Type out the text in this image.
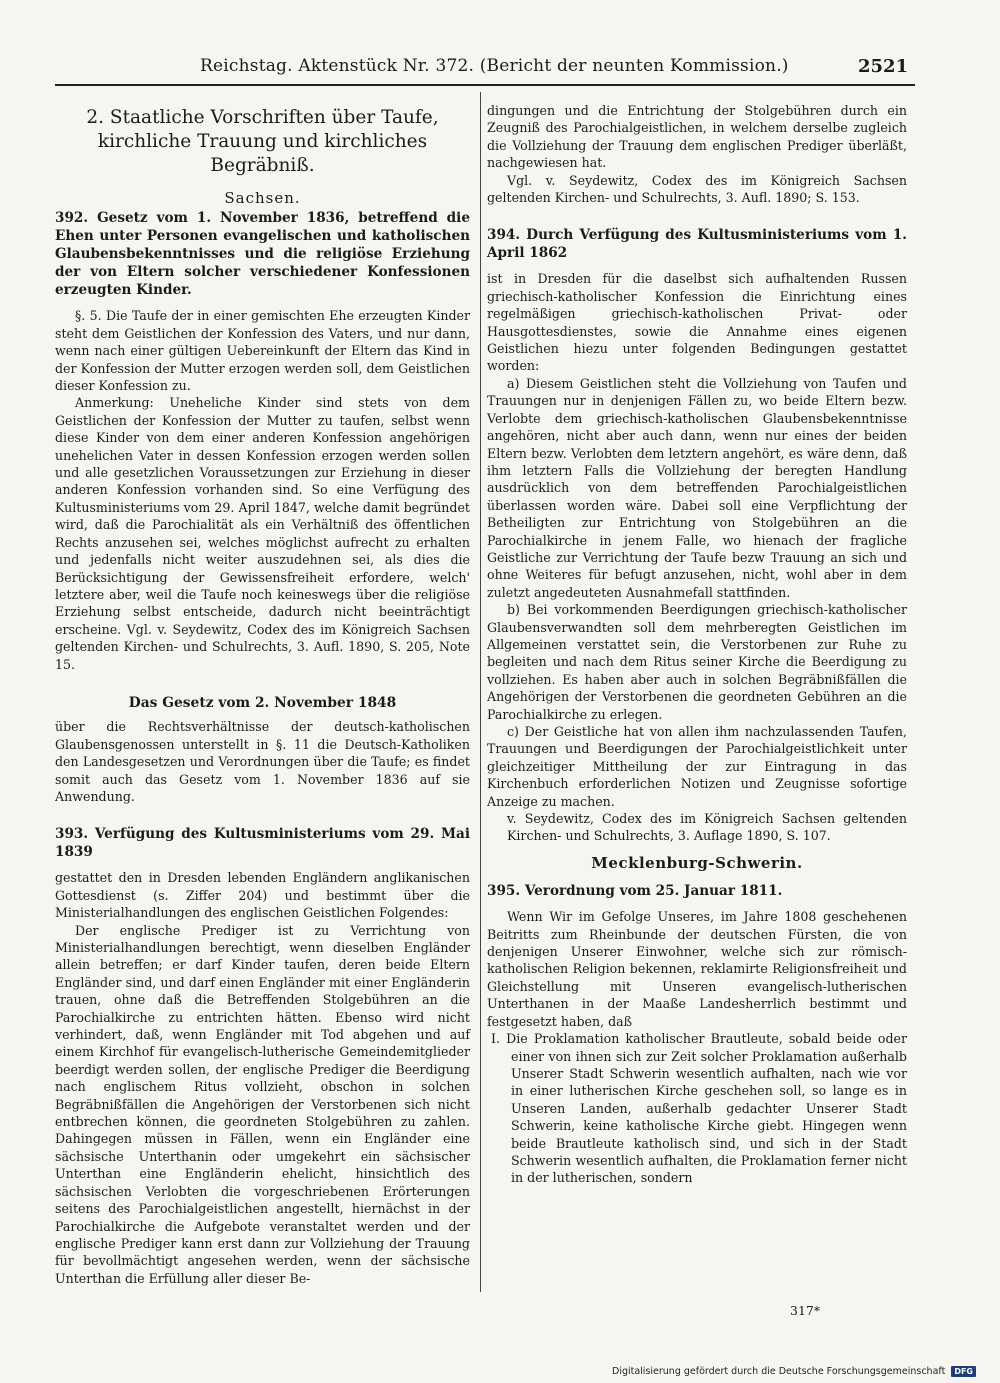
Reichstag. Aktenstück Nr. 372. (Bericht der neunten Kommission.)	2521

2. Staatliche Vorschriften über Taufe, kirchliche Trauung und kirchliches Begräbniß.

Sachsen.

392. Gesetz vom 1. November 1836, betreffend die Ehen unter Personen evangelischen und katholischen Glaubensbekenntnisses und die religiöse Erziehung der von Eltern solcher verschiedener Konfessionen erzeugten Kinder.

§. 5. Die Taufe der in einer gemischten Ehe erzeugten Kinder steht dem Geistlichen der Konfession des Vaters, und nur dann, wenn nach einer gültigen Uebereinkunft der Eltern das Kind in der Konfession der Mutter erzogen werden soll, dem Geistlichen dieser Konfession zu.

Anmerkung: Uneheliche Kinder sind stets von dem Geistlichen der Konfession der Mutter zu taufen, selbst wenn diese Kinder von dem einer anderen Konfession angehörigen unehelichen Vater in dessen Konfession erzogen werden sollen und alle gesetzlichen Voraussetzungen zur Erziehung in dieser anderen Konfession vorhanden sind. So eine Verfügung des Kultusministeriums vom 29. April 1847, welche damit begründet wird, daß die Parochialität als ein Verhältniß des öffentlichen Rechts anzusehen sei, welches möglichst aufrecht zu erhalten und jedenfalls nicht weiter auszudehnen sei, als dies die Berücksichtigung der Gewissensfreiheit erfordere, welch' letztere aber, weil die Taufe noch keineswegs über die religiöse Erziehung selbst entscheide, dadurch nicht beeinträchtigt erscheine. Vgl. v. Seydewitz, Codex des im Königreich Sachsen geltenden Kirchen- und Schulrechts, 3. Aufl. 1890, S. 205, Note 15.

Das Gesetz vom 2. November 1848

über die Rechtsverhältnisse der deutsch-katholischen Glaubensgenossen unterstellt in §. 11 die Deutsch-Katholiken den Landesgesetzen und Verordnungen über die Taufe; es findet somit auch das Gesetz vom 1. November 1836 auf sie Anwendung.

393. Verfügung des Kultusministeriums vom 29. Mai 1839

gestattet den in Dresden lebenden Engländern anglikanischen Gottesdienst (s. Ziffer 204) und bestimmt über die Ministerialhandlungen des englischen Geistlichen Folgendes:

Der englische Prediger ist zu Verrichtung von Ministerialhandlungen berechtigt, wenn dieselben Engländer allein betreffen; er darf Kinder taufen, deren beide Eltern Engländer sind, und darf einen Engländer mit einer Engländerin trauen, ohne daß die Betreffenden Stolgebühren an die Parochialkirche zu entrichten hätten. Ebenso wird nicht verhindert, daß, wenn Engländer mit Tod abgehen und auf einem Kirchhof für evangelisch-lutherische Gemeindemitglieder beerdigt werden sollen, der englische Prediger die Beerdigung nach englischem Ritus vollzieht, obschon in solchen Begräbnißfällen die Angehörigen der Verstorbenen sich nicht entbrechen können, die geordneten Stolgebühren zu zahlen. Dahingegen müssen in Fällen, wenn ein Engländer eine sächsische Unterthanin oder umgekehrt ein sächsischer Unterthan eine Engländerin ehelicht, hinsichtlich des sächsischen Verlobten die vorgeschriebenen Erörterungen seitens des Parochialgeistlichen angestellt, hiernächst in der Parochialkirche die Aufgebote veranstaltet werden und der englische Prediger kann erst dann zur Vollziehung der Trauung für bevollmächtigt angesehen werden, wenn der sächsische Unterthan die Erfüllung aller dieser Be-

dingungen und die Entrichtung der Stolgebühren durch ein Zeugniß des Parochialgeistlichen, in welchem derselbe zugleich die Vollziehung der Trauung dem englischen Prediger überläßt, nachgewiesen hat.

Vgl. v. Seydewitz, Codex des im Königreich Sachsen geltenden Kirchen- und Schulrechts, 3. Aufl. 1890; S. 153.

394. Durch Verfügung des Kultusministeriums vom 1. April 1862

ist in Dresden für die daselbst sich aufhaltenden Russen griechisch-katholischer Konfession die Einrichtung eines regelmäßigen griechisch-katholischen Privat- oder Hausgottesdienstes, sowie die Annahme eines eigenen Geistlichen hiezu unter folgenden Bedingungen gestattet worden:

a) Diesem Geistlichen steht die Vollziehung von Taufen und Trauungen nur in denjenigen Fällen zu, wo beide Eltern bezw. Verlobte dem griechisch-katholischen Glaubensbekenntnisse angehören, nicht aber auch dann, wenn nur eines der beiden Eltern bezw. Verlobten dem letztern angehört, es wäre denn, daß ihm letztern Falls die Vollziehung der beregten Handlung ausdrücklich von dem betreffenden Parochialgeistlichen überlassen worden wäre. Dabei soll eine Verpflichtung der Betheiligten zur Entrichtung von Stolgebühren an die Parochialkirche in jenem Falle, wo hienach der fragliche Geistliche zur Verrichtung der Taufe bezw Trauung an sich und ohne Weiteres für befugt anzusehen, nicht, wohl aber in dem zuletzt angedeuteten Ausnahmefall stattfinden.

b) Bei vorkommenden Beerdigungen griechisch-katholischer Glaubensverwandten soll dem mehrberegten Geistlichen im Allgemeinen verstattet sein, die Verstorbenen zur Ruhe zu begleiten und nach dem Ritus seiner Kirche die Beerdigung zu vollziehen. Es haben aber auch in solchen Begräbnißfällen die Angehörigen der Verstorbenen die geordneten Gebühren an die Parochialkirche zu erlegen.

c) Der Geistliche hat von allen ihm nachzulassenden Taufen, Trauungen und Beerdigungen der Parochialgeistlichkeit unter gleichzeitiger Mittheilung der zur Eintragung in das Kirchenbuch erforderlichen Notizen und Zeugnisse sofortige Anzeige zu machen.

v. Seydewitz, Codex des im Königreich Sachsen geltenden Kirchen- und Schulrechts, 3. Auflage 1890, S. 107.

Mecklenburg-Schwerin.

395. Verordnung vom 25. Januar 1811.

Wenn Wir im Gefolge Unseres, im Jahre 1808 geschehenen Beitritts zum Rheinbunde der deutschen Fürsten, die von denjenigen Unserer Einwohner, welche sich zur römisch-katholischen Religion bekennen, reklamirte Religionsfreiheit und Gleichstellung mit Unseren evangelisch-lutherischen Unterthanen in der Maaße Landesherrlich bestimmt und festgesetzt haben, daß

I. Die Proklamation katholischer Brautleute, sobald beide oder einer von ihnen sich zur Zeit solcher Proklamation außerhalb Unserer Stadt Schwerin wesentlich aufhalten, nach wie vor in einer lutherischen Kirche geschehen soll, so lange es in Unseren Landen, außerhalb gedachter Unserer Stadt Schwerin, keine katholische Kirche giebt. Hingegen wenn beide Brautleute katholisch sind, und sich in der Stadt Schwerin wesentlich aufhalten, die Proklamation ferner nicht in der lutherischen, sondern

317*
Digitalisierung gefördert durch die Deutsche Forschungsgemeinschaft	DFG
